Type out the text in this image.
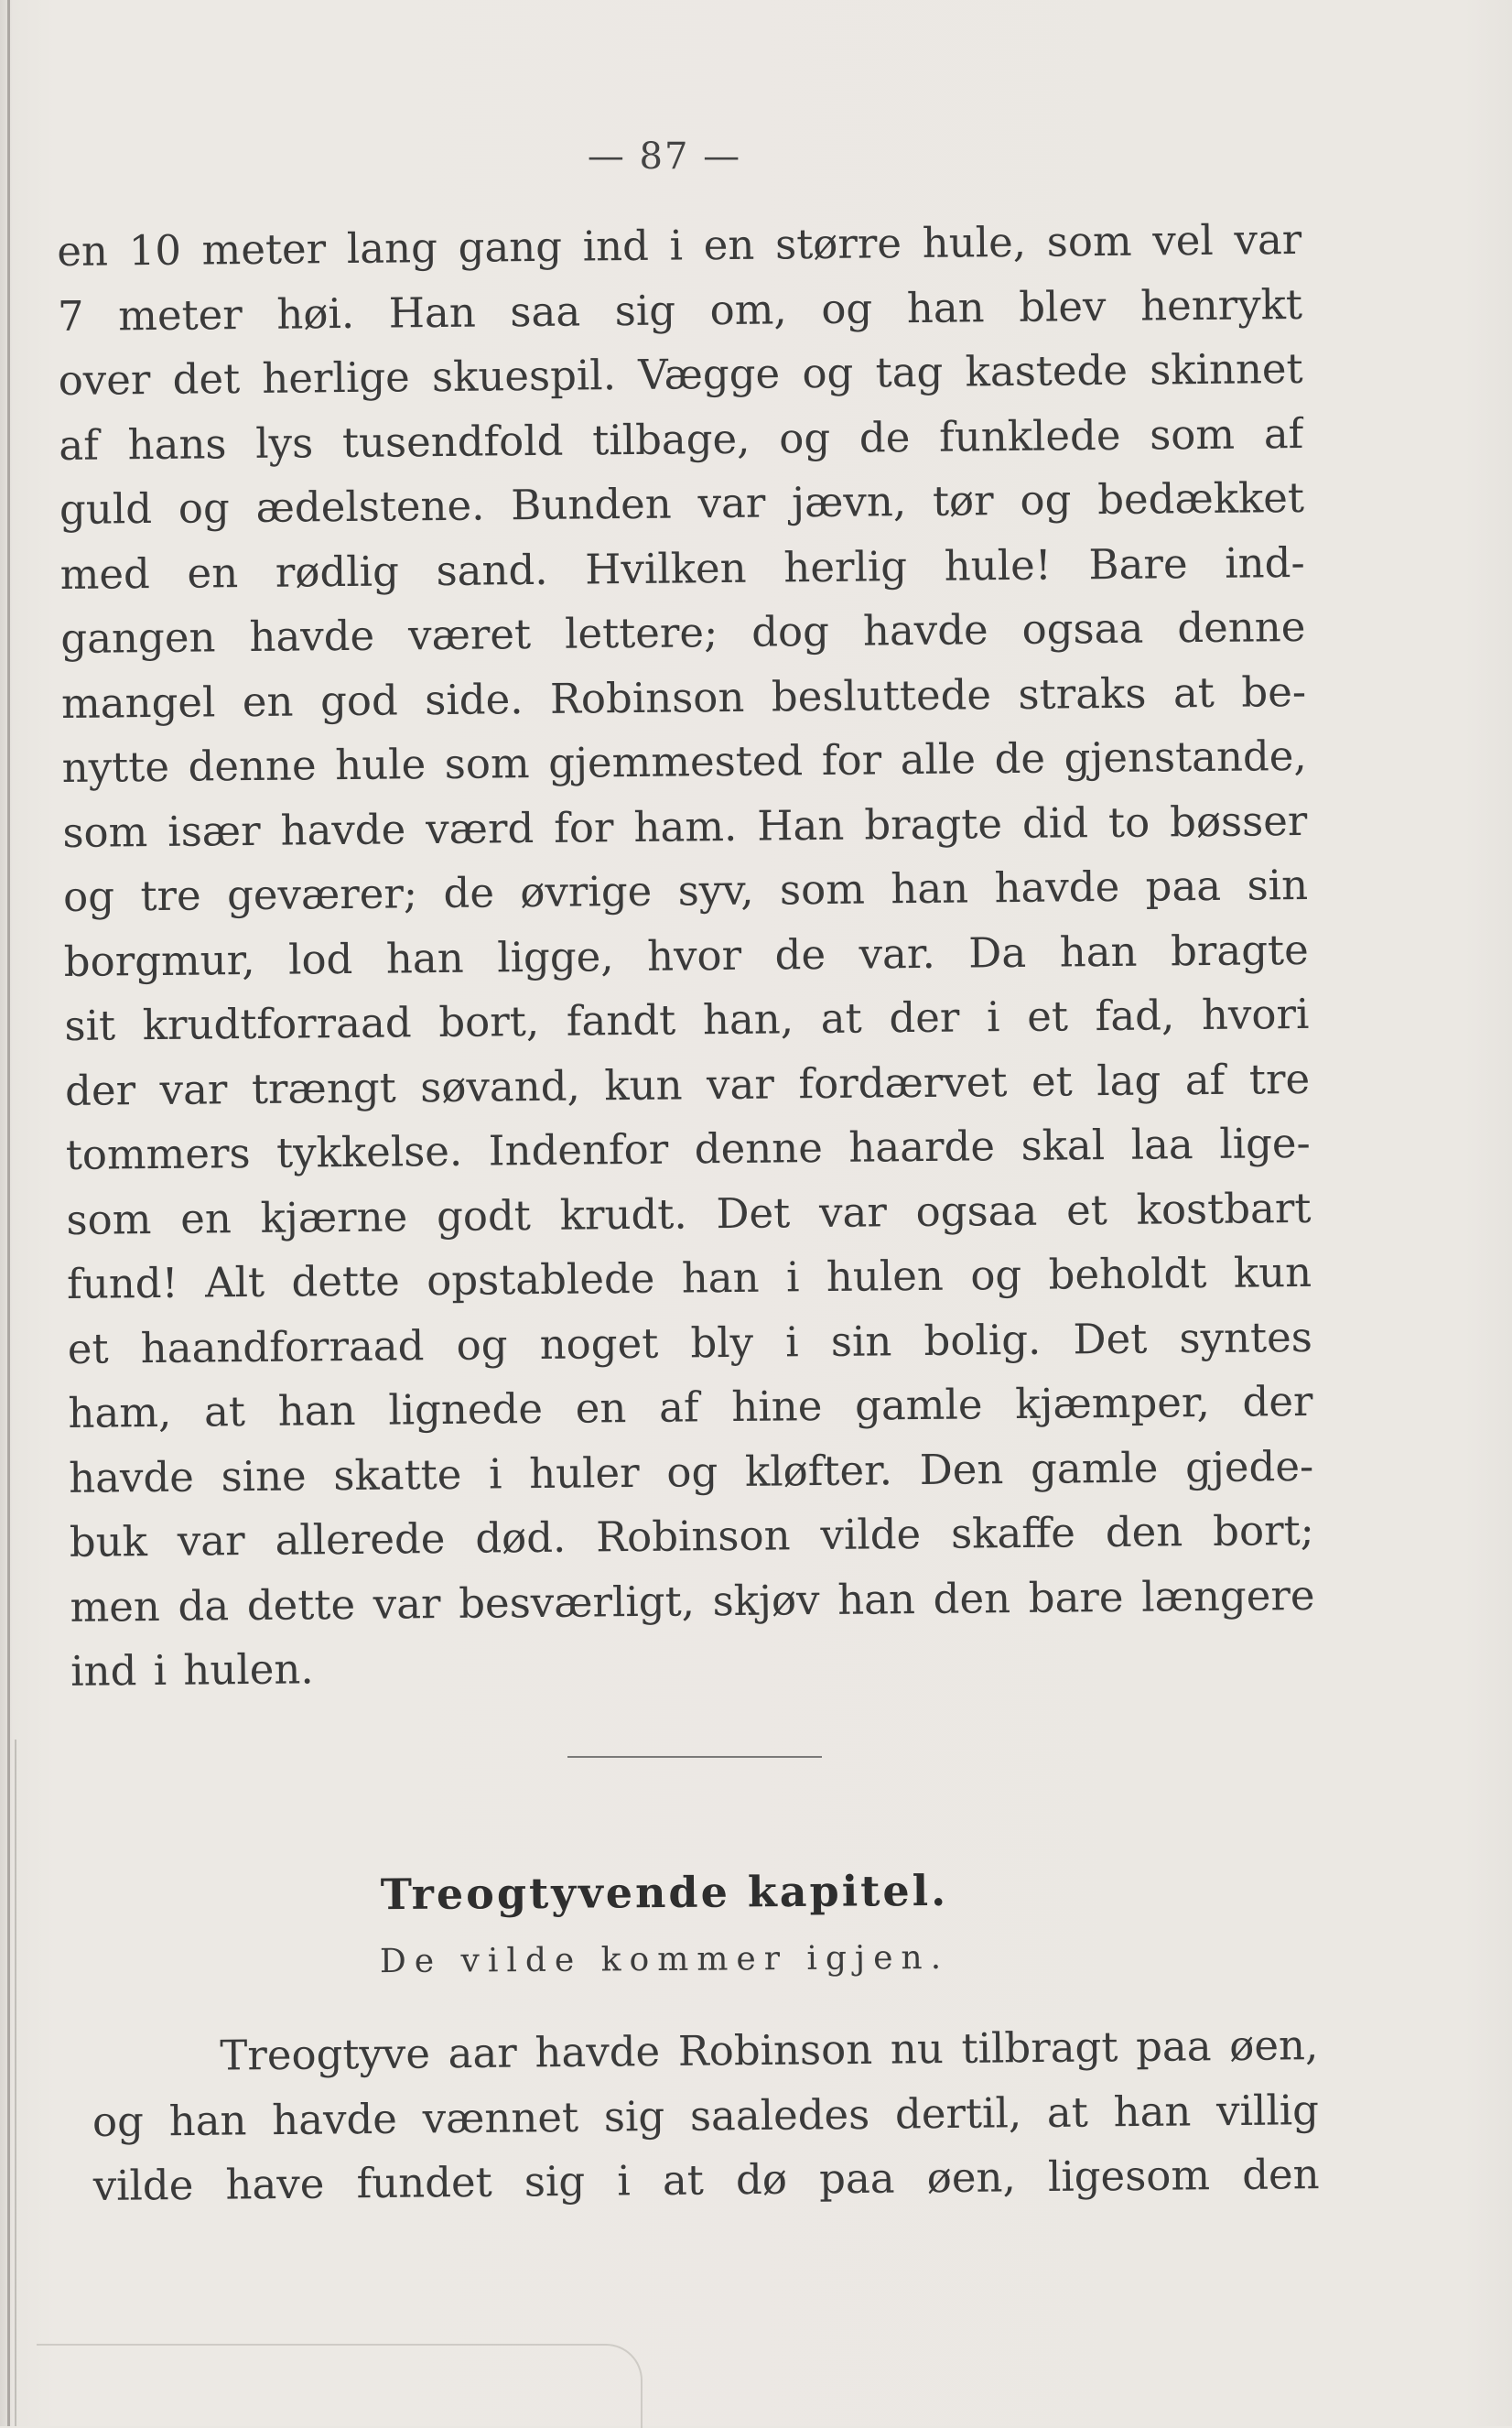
— 87 —
en 10 meter lang gang ind i en større hule, som vel var
7 meter høi. Han saa sig om, og han blev henrykt
over det herlige skuespil. Vægge og tag kastede skinnet
af hans lys tusendfold tilbage, og de funklede som af
guld og ædelstene. Bunden var jævn, tør og bedækket
med en rødlig sand. Hvilken herlig hule! Bare ind-
gangen havde været lettere; dog havde ogsaa denne
mangel en god side. Robinson besluttede straks at be-
nytte denne hule som gjemmested for alle de gjenstande,
som især havde værd for ham. Han bragte did to bøsser
og tre geværer; de øvrige syv, som han havde paa sin
borgmur, lod han ligge, hvor de var. Da han bragte
sit krudtforraad bort, fandt han, at der i et fad, hvori
der var trængt søvand, kun var fordærvet et lag af tre
tommers tykkelse. Indenfor denne haarde skal laa lige-
som en kjærne godt krudt. Det var ogsaa et kostbart
fund! Alt dette opstablede han i hulen og beholdt kun
et haandforraad og noget bly i sin bolig. Det syntes
ham, at han lignede en af hine gamle kjæmper, der
havde sine skatte i huler og kløfter. Den gamle gjede-
buk var allerede død. Robinson vilde skaffe den bort;
men da dette var besværligt, skjøv han den bare længere
ind i hulen.
Treogtyvende kapitel.
De vilde kommer igjen.
Treogtyve aar havde Robinson nu tilbragt paa øen,
og han havde vænnet sig saaledes dertil, at han villig
vilde have fundet sig i at dø paa øen, ligesom den
